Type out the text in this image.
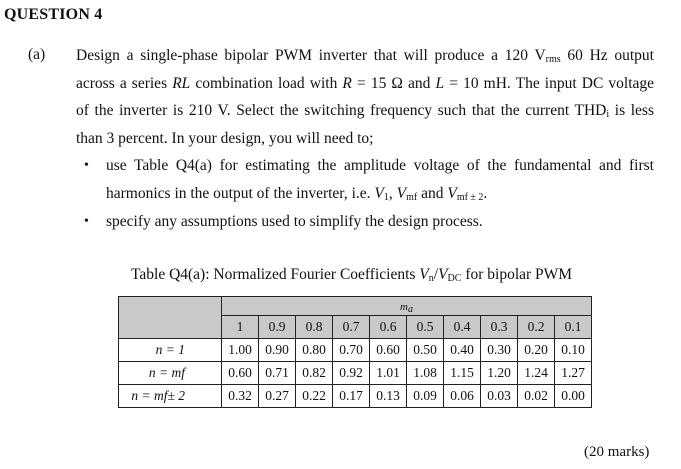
QUESTION 4
(a) Design a single-phase bipolar PWM inverter that will produce a 120 $V_{rms}$ 60 Hz output
across a series RL combination load with R = 15 Ω and L = 10 mH. The input DC voltage
of the inverter is 210 V. Select the switching frequency such that the current $THD_i$ is less
than 3 percent. In your design, you will need to;
• use Table Q4(a) for estimating the amplitude voltage of the fundamental and first
harmonics in the output of the inverter, i.e. $V_1$, $V_{mf}$ and $V_{mf \pm 2}$.
• specify any assumptions used to simplify the design process.
Table Q4(a): Normalized Fourier Coefficients $V_n/V_{DC}$ for bipolar PWM
	$m_a$
	1	0.9	0.8	0.7	0.6	0.5	0.4	0.3	0.2	0.1
n = 1	1.00	0.90	0.80	0.70	0.60	0.50	0.40	0.30	0.20	0.10
n = mf	0.60	0.71	0.82	0.92	1.01	1.08	1.15	1.20	1.24	1.27
n = mf± 2	0.32	0.27	0.22	0.17	0.13	0.09	0.06	0.03	0.02	0.00
(20 marks)
